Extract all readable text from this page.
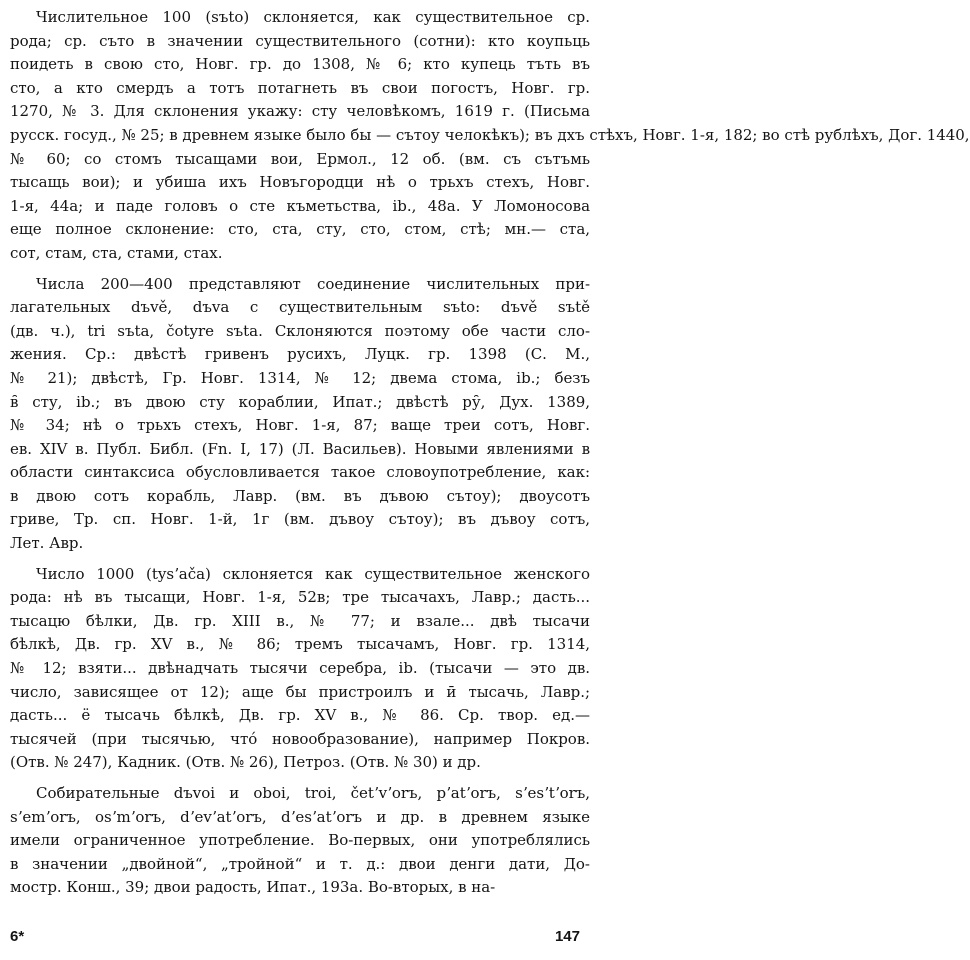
Числительное 100 (sъto) склоняется, как существительное ср.
рода; ср. съто в значении существительного (сотни): кто коупьць
поидеть в свою сто, Новг. гр. до 1308, № 6; кто купець тъть въ
сто, а кто смердъ а тотъ потагнеть въ свои погостъ, Новг. гр.
1270, № 3. Для склонения укажу: сту человѣкомъ, 1619 г. (Письма
русск. госуд., № 25; в древнем языке было бы — сътоу челокѣкъ); въ дхъ стѣхъ, Новг. 1-я, 182; во стѣ рублѣхъ, Дог. 1440,
№ 60; со стомъ тысащами вои, Ермол., 12 об. (вм. съ сътъмь
тысащь вои); и убиша ихъ Новъгородци нѣ о трьхъ стехъ, Новг.
1-я, 44а; и паде головъ о сте къметьства, ib., 48а. У Ломоносова
еще полное склонение: сто, ста, сту, сто, стом, стѣ; мн.— ста,
сот, стам, ста, стами, стах.

Числа 200—400 представляют соединение числительных при-
лагательных dъvě, dъva с существительным sъto: dъvě sъtě
(дв. ч.), tri sъta, čotyre sъta. Склоняются поэтому обе части сло-
жения. Ср.: двѣстѣ гривенъ русихъ, Луцк. гр. 1398 (С. М.,
№ 21); двѣстѣ, Гр. Новг. 1314, № 12; двема стома, ib.; безъ
в̑ сту, ib.; въ двою сту кораблии, Ипат.; двѣстѣ ру̑, Дух. 1389,
№ 34; нѣ о трьхъ стехъ, Новг. 1-я, 87; ваще треи сотъ, Новг.
ев. XIV в. Публ. Библ. (Fn. I, 17) (Л. Васильев). Новыми явлениями в
области синтаксиса обусловливается такое словоупотребление, как:
в двою сотъ корабль, Лавр. (вм. въ дъвою сътоу); двоусотъ
гриве, Тр. сп. Новг. 1-й, 1г (вм. дъвоу сътоу); въ дъвоу сотъ,
Лет. Авр.

Число 1000 (tysʼača) склоняется как существительное женского
рода: нѣ въ тысащи, Новг. 1-я, 52в; тре тысачахъ, Лавр.; дасть...
тысацю бѣлки, Дв. гр. XIII в., № 77; и взале... двѣ тысачи
бѣлкѣ, Дв. гр. XV в., № 86; тремъ тысачамъ, Новг. гр. 1314,
№ 12; взяти... двѣнадчать тысячи серебра, ib. (тысачи — это дв.
число, зависящее от 12); аще бы пристроилъ и ӣ тысачь, Лавр.;
дасть... ё тысачь бѣлкѣ, Дв. гр. XV в., № 86. Ср. твор. ед.—
тысячей (при тысячью, чтó новообразование), например Покров.
(Отв. № 247), Кадник. (Отв. № 26), Петроз. (Отв. № 30) и др.

Собирательные dъvoi и oboi, troi, četʼvʼorъ, pʼatʼorъ, sʼesʼtʼorъ,
sʼemʼorъ, osʼmʼorъ, dʼevʼatʼorъ, dʼesʼatʼorъ и др. в древнем языке
имели ограниченное употребление. Во-первых, они употреблялись
в значении „двойной“, „тройной“ и т. д.: двои денги дати, До-
мостр. Конш., 39; двои радость, Ипат., 193а. Во-вторых, в на-

6*	147
